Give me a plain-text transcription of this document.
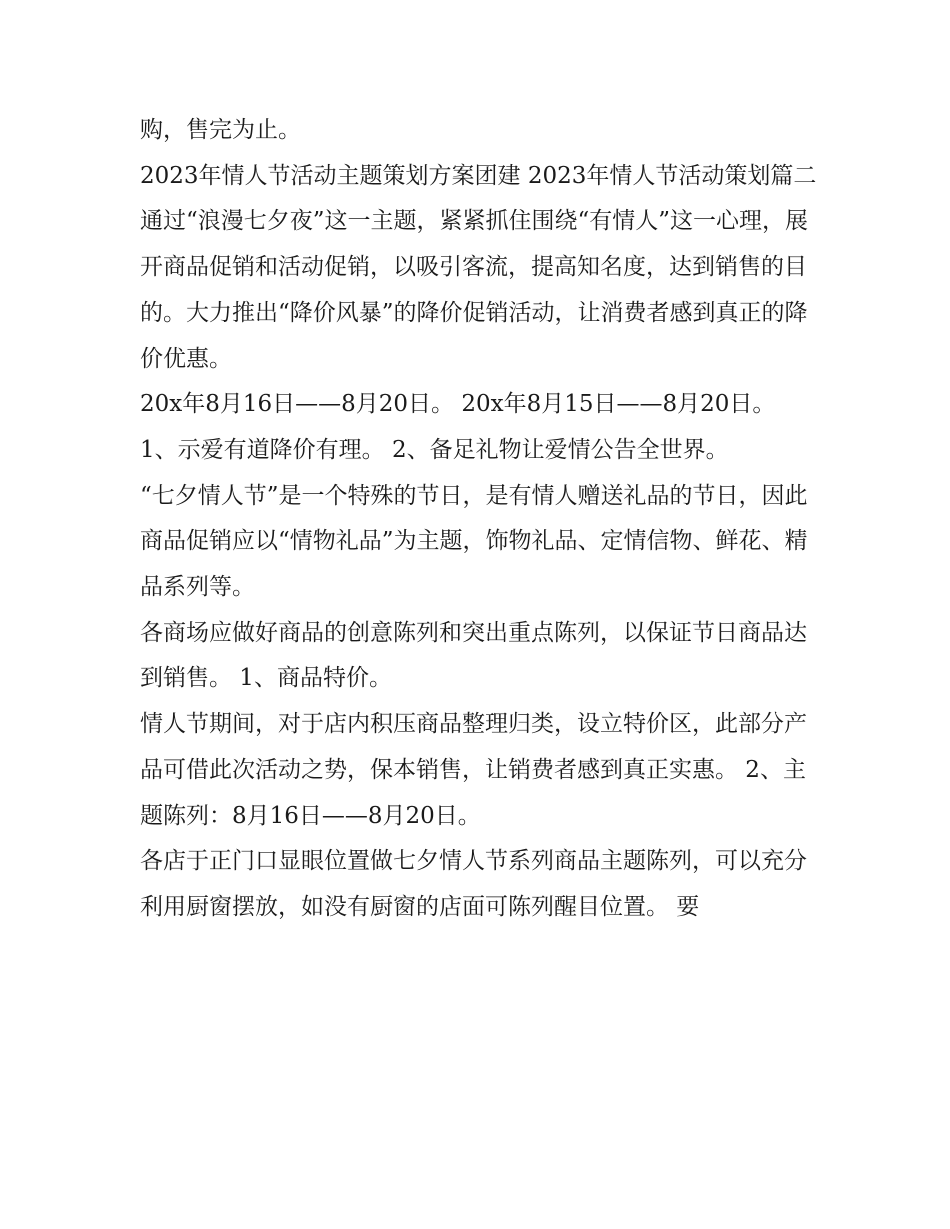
购，售完为止。

2023年情人节活动主题策划方案团建 2023年情人节活动策划篇二

通过“浪漫七夕夜”这一主题，紧紧抓住围绕“有情人”这一心理，展开商品促销和活动促销，以吸引客流，提高知名度，达到销售的目的。大力推出“降价风暴”的降价促销活动，让消费者感到真正的降价优惠。

20x年8月16日——8月20日。 20x年8月15日——8月20日。 1、示爱有道降价有理。 2、备足礼物让爱情公告全世界。

“七夕情人节”是一个特殊的节日，是有情人赠送礼品的节日，因此商品促销应以“情物礼品”为主题，饰物礼品、定情信物、鲜花、精品系列等。

各商场应做好商品的创意陈列和突出重点陈列，以保证节日商品达到销售。 1、商品特价。

情人节期间，对于店内积压商品整理归类，设立特价区，此部分产品可借此次活动之势，保本销售，让销费者感到真正实惠。 2、主题陈列：8月16日——8月20日。

各店于正门口显眼位置做七夕情人节系列商品主题陈列，可以充分利用厨窗摆放，如没有厨窗的店面可陈列醒目位置。 要
